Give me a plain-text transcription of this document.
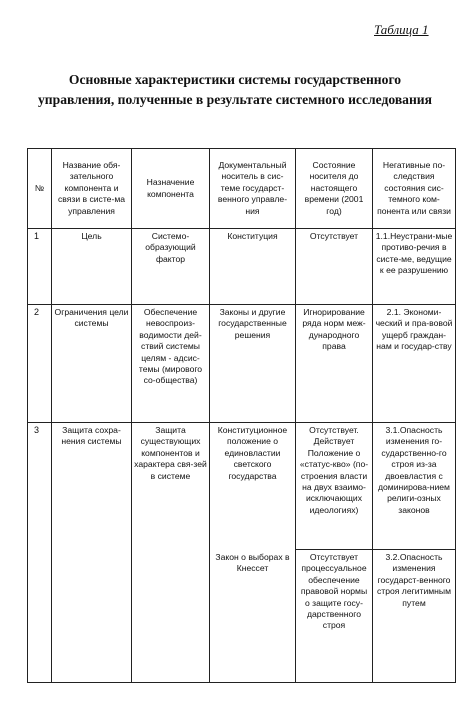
Таблица 1
Основные характеристики системы государственного
управления, полученные в результате системного исследования
№	Название обя-зательного компонента и связи в систе-ма управления	Назначение компонента	Документальный носитель в сис-теме государст-венного управле-ния	Состояние носителя до настоящего времени (2001 год)	Негативные по-следствия состояния сис-темного ком-понента или связи
1	Цель	Системо-образующий фактор	Конституция	Отсутствует	1.1.Неустрани-мые противо-речия в систе-ме, ведущие к ее разрушению
2	Ограничения цели системы	Обеспечение невоспроиз-водимости дей-ствий системы целям - адсис-темы (мирового со-общества)	Законы и другие государственные решения	Игнорирование ряда норм меж-дународного права	2.1. Экономи-ческий и пра-вовой ущерб граждан-нам и государ-ству
3	Защита сохра-нения системы	Защита существующих компонентов и характера свя-зей в системе	Конституционное положение о единовластии светского государства	Отсутствует. Действует Положение о «статус-кво» (по-строения власти на двух взаимо-исключающих идеологиях)	3.1.Опасность изменения го-сударственно-го строя из-за двоевластия с доминирова-нием религи-озных законов
			Закон о выборах в Кнессет	Отсутствует процессуальное обеспечение правовой нормы о защите госу-дарственного строя	3.2.Опасность изменения государст-венного строя легитимным путем
